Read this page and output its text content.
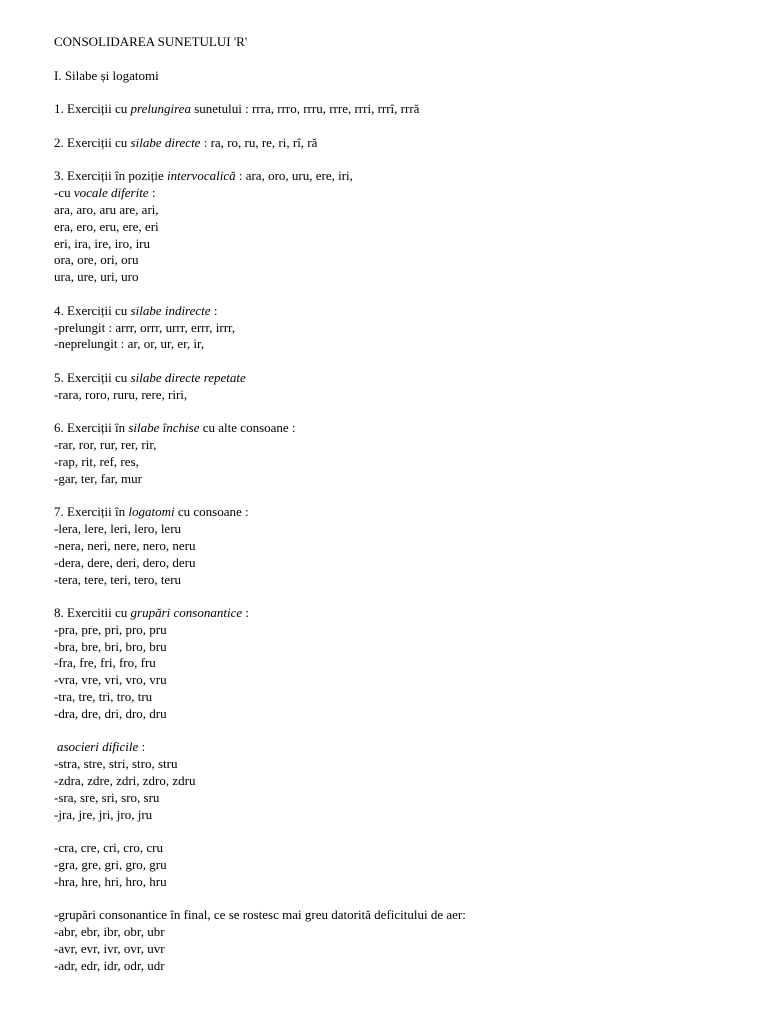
CONSOLIDAREA SUNETULUI 'R'
I. Silabe și logatomi
1. Exerciții cu prelungirea sunetului : rrra, rrro, rrru, rrre, rrri, rrrî, rrră
2. Exerciții cu silabe directe : ra, ro, ru, re, ri, rî, ră
3. Exerciții în poziție intervocalică : ara, oro, uru, ere, iri,
-cu vocale diferite :
ara, aro, aru are, ari,
era, ero, eru, ere, eri
eri, ira, ire, iro, iru
ora, ore, ori, oru
ura, ure, uri, uro
4. Exerciții cu silabe indirecte :
-prelungit : arrr, orrr, urrr, errr, irrr,
-neprelungit : ar, or, ur, er, ir,
5. Exerciții cu silabe directe repetate
-rara, roro, ruru, rere, riri,
6. Exerciții în silabe închise cu alte consoane :
-rar, ror, rur, rer, rir,
-rap, rit, ref, res,
-gar, ter, far, mur
7. Exerciții în logatomi cu consoane :
-lera, lere, leri, lero, leru
-nera, neri, nere, nero, neru
-dera, dere, deri, dero, deru
-tera, tere, teri, tero, teru
8. Exercitii cu grupări consonantice :
-pra, pre, pri, pro, pru
-bra, bre, bri, bro, bru
-fra, fre, fri, fro, fru
-vra, vre, vri, vro, vru
-tra, tre, tri, tro, tru
-dra, dre, dri, dro, dru
asocieri dificile :
-stra, stre, stri, stro, stru
-zdra, zdre, zdri, zdro, zdru
-sra, sre, sri, sro, sru
-jra, jre, jri, jro, jru
-cra, cre, cri, cro, cru
-gra, gre, gri, gro, gru
-hra, hre, hri, hro, hru
-grupări consonantice în final, ce se rostesc mai greu datorită deficitului de aer:
-abr, ebr, ibr, obr, ubr
-avr, evr, ivr, ovr, uvr
-adr, edr, idr, odr, udr
